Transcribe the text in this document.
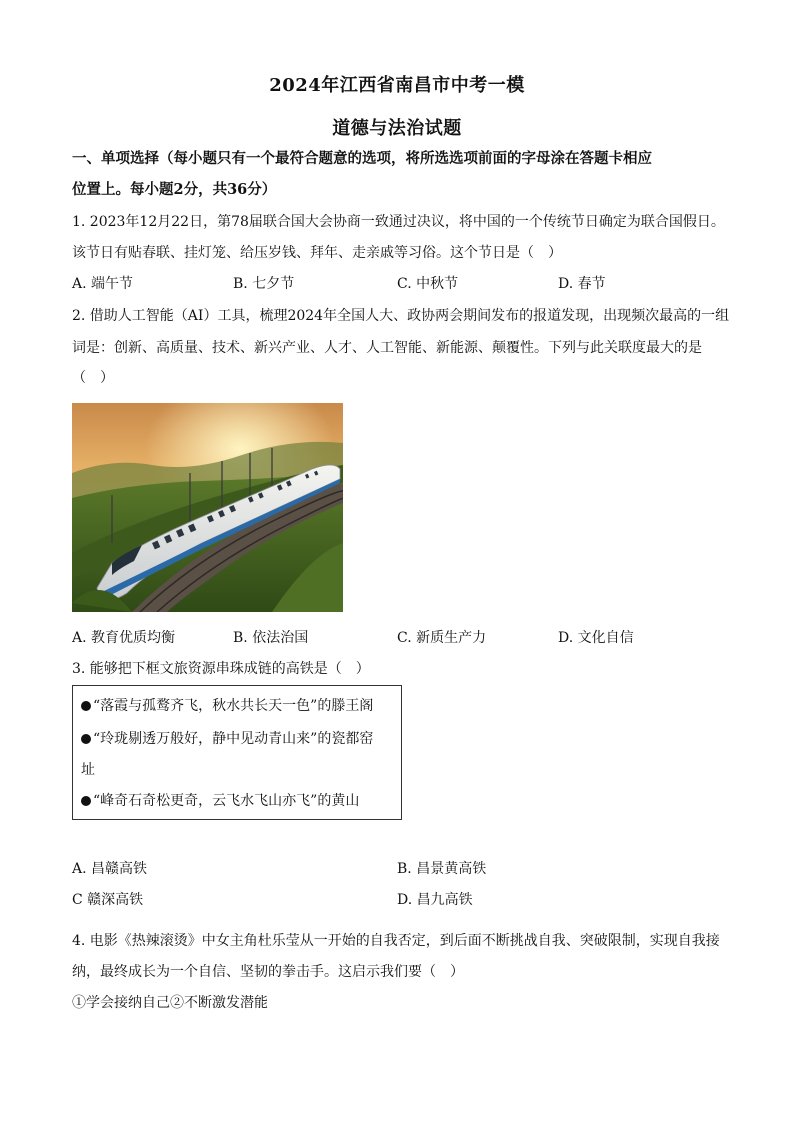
2024年江西省南昌市中考一模
道德与法治试题
一、单项选择（每小题只有一个最符合题意的选项，将所选选项前面的字母涂在答题卡相应
位置上。每小题2分，共36分）
1. 2023年12月22日，第78届联合国大会协商一致通过决议，将中国的一个传统节日确定为联合国假日。
该节日有贴春联、挂灯笼、给压岁钱、拜年、走亲戚等习俗。这个节日是（　）
A. 端午节	B. 七夕节	C. 中秋节	D. 春节
2. 借助人工智能（AI）工具，梳理2024年全国人大、政协两会期间发布的报道发现，出现频次最高的一组
词是：创新、高质量、技术、新兴产业、人才、人工智能、新能源、颠覆性。下列与此关联度最大的是
（　）
A. 教育优质均衡	B. 依法治国	C. 新质生产力	D. 文化自信
3. 能够把下框文旅资源串珠成链的高铁是（　）
“落霞与孤鹜齐飞，秋水共长天一色”的滕王阁
“玲珑剔透万般好，静中见动青山来”的瓷都窑
址
“峰奇石奇松更奇，云飞水飞山亦飞”的黄山
A. 昌赣高铁	B. 昌景黄高铁
C 赣深高铁	D. 昌九高铁
4. 电影《热辣滚烫》中女主角杜乐莹从一开始的自我否定，到后面不断挑战自我、突破限制，实现自我接
纳，最终成长为一个自信、坚韧的拳击手。这启示我们要（　）
①学会接纳自己②不断激发潜能
